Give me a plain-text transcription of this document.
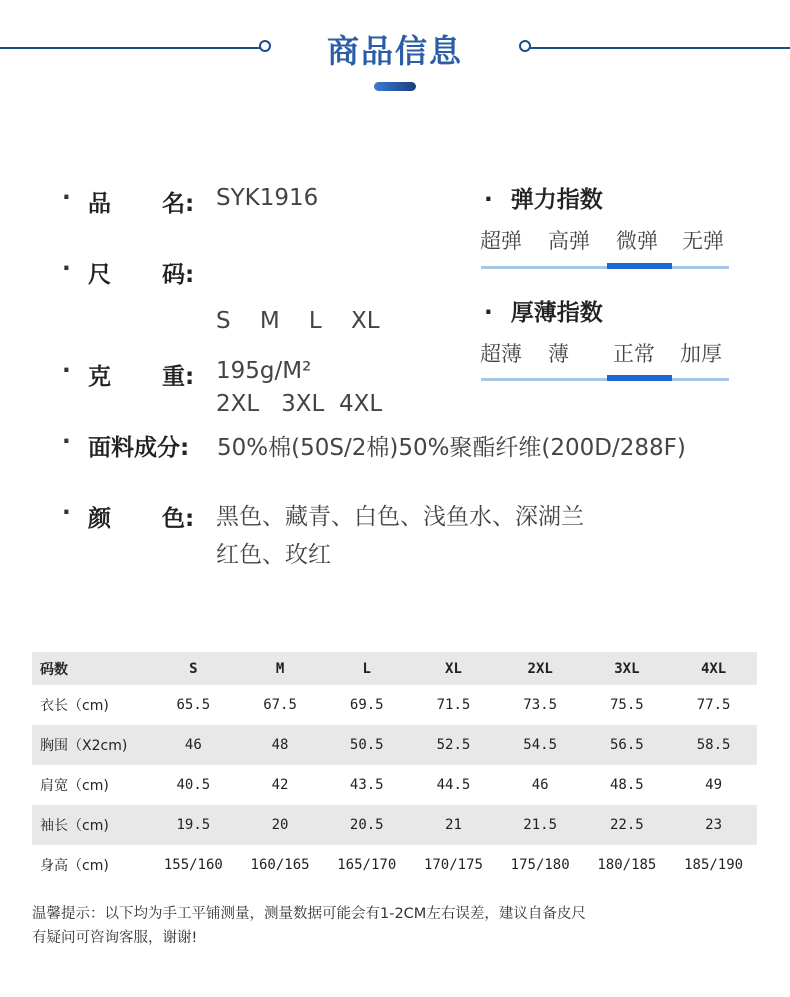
商品信息
· 品 名: SYK1916
· 尺 码:

S    M    L    XL

2XL   3XL  4XL

· 克 重: 195g/M²
· 面料成分: 50%棉(50S/2棉)50%聚酯纤维(200D/288F)
· 颜 色: 黑色、藏青、白色、浅鱼水、深湖兰
红色、玫红
· 弹力指数
超弹 高弹 微弹 无弹
· 厚薄指数
超薄 薄 正常 加厚
码数	S	M	L	XL	2XL	3XL	4XL
衣长（cm)	65.5	67.5	69.5	71.5	73.5	75.5	77.5
胸围（X2cm)	46	48	50.5	52.5	54.5	56.5	58.5
肩宽（cm)	40.5	42	43.5	44.5	46	48.5	49
袖长（cm)	19.5	20	20.5	21	21.5	22.5	23
身高（cm)	155/160	160/165	165/170	170/175	175/180	180/185	185/190
温馨提示：以下均为手工平铺测量，测量数据可能会有1-2CM左右误差，建议自备皮尺
有疑问可咨询客服，谢谢!
